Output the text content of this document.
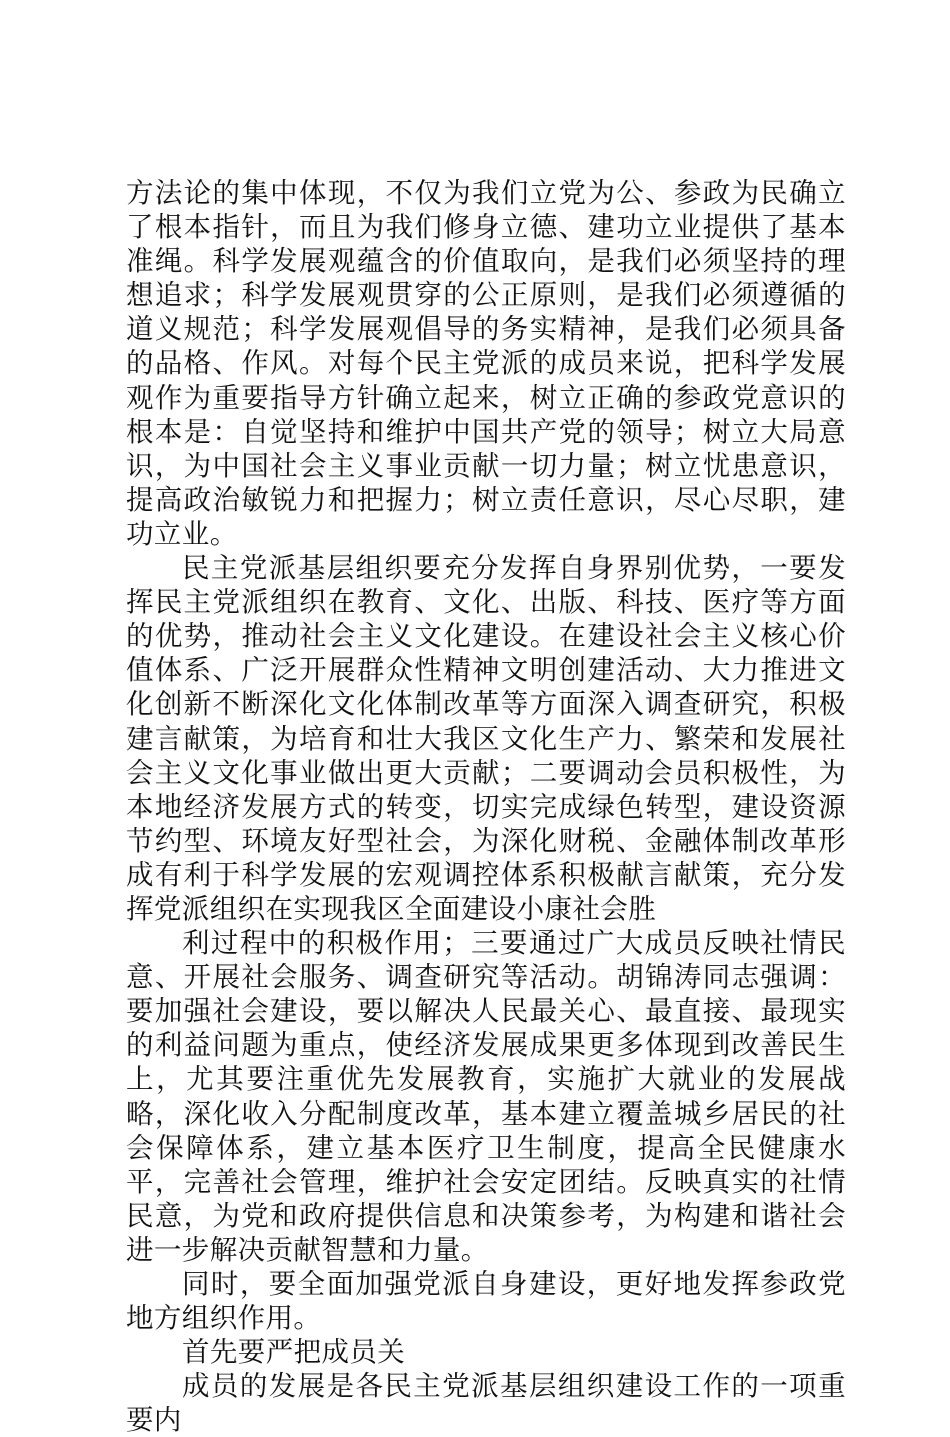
方法论的集中体现，不仅为我们立党为公、参政为民确立了根本指针，而且为我们修身立德、建功立业提供了基本准绳。科学发展观蕴含的价值取向，是我们必须坚持的理想追求；科学发展观贯穿的公正原则，是我们必须遵循的道义规范；科学发展观倡导的务实精神，是我们必须具备的品格、作风。对每个民主党派的成员来说，把科学发展观作为重要指导方针确立起来，树立正确的参政党意识的根本是：自觉坚持和维护中国共产党的领导；树立大局意识，为中国社会主义事业贡献一切力量；树立忧患意识，提高政治敏锐力和把握力；树立责任意识，尽心尽职，建功立业。

民主党派基层组织要充分发挥自身界别优势，一要发挥民主党派组织在教育、文化、出版、科技、医疗等方面的优势，推动社会主义文化建设。在建设社会主义核心价值体系、广泛开展群众性精神文明创建活动、大力推进文化创新不断深化文化体制改革等方面深入调查研究，积极建言献策，为培育和壮大我区文化生产力、繁荣和发展社会主义文化事业做出更大贡献；二要调动会员积极性，为本地经济发展方式的转变，切实完成绿色转型，建设资源节约型、环境友好型社会，为深化财税、金融体制改革形成有利于科学发展的宏观调控体系积极献言献策，充分发挥党派组织在实现我区全面建设小康社会胜

利过程中的积极作用；三要通过广大成员反映社情民意、开展社会服务、调查研究等活动。胡锦涛同志强调：要加强社会建设，要以解决人民最关心、最直接、最现实的利益问题为重点，使经济发展成果更多体现到改善民生上，尤其要注重优先发展教育，实施扩大就业的发展战略，深化收入分配制度改革，基本建立覆盖城乡居民的社会保障体系，建立基本医疗卫生制度，提高全民健康水平，完善社会管理，维护社会安定团结。反映真实的社情民意，为党和政府提供信息和决策参考，为构建和谐社会进一步解决贡献智慧和力量。

同时，要全面加强党派自身建设，更好地发挥参政党地方组织作用。

首先要严把成员关

成员的发展是各民主党派基层组织建设工作的一项重要内
